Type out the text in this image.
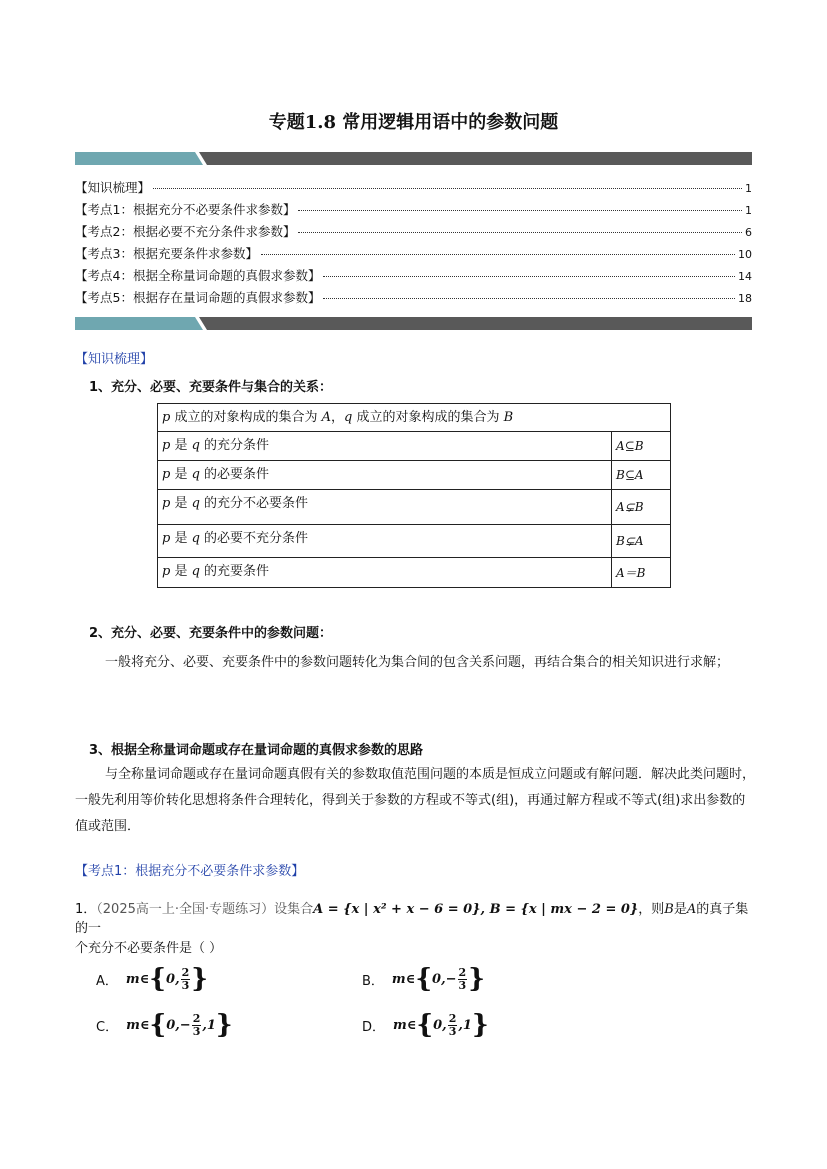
专题1.8 常用逻辑用语中的参数问题
【知识梳理】	1
【考点1：根据充分不必要条件求参数】	1
【考点2：根据必要不充分条件求参数】	6
【考点3：根据充要条件求参数】	10
【考点4：根据全称量词命题的真假求参数】	14
【考点5：根据存在量词命题的真假求参数】	18
【知识梳理】
1、充分、必要、充要条件与集合的关系：
p 成立的对象构成的集合为 A，q 成立的对象构成的集合为 B	
p 是 q 的充分条件	A⊆B
p 是 q 的必要条件	B⊆A
p 是 q 的充分不必要条件	A⊊B
p 是 q 的必要不充分条件	B⊊A
p 是 q 的充要条件	A＝B
2、充分、必要、充要条件中的参数问题：
一般将充分、必要、充要条件中的参数问题转化为集合间的包含关系问题，再结合集合的相关知识进行求解；
3、根据全称量词命题或存在量词命题的真假求参数的思路
与全称量词命题或存在量词命题真假有关的参数取值范围问题的本质是恒成立问题或有解问题．解决此类问题时，一般先利用等价转化思想将条件合理转化，得到关于参数的方程或不等式(组)，再通过解方程或不等式(组)求出参数的值或范围．
【考点1：根据充分不必要条件求参数】
1．（2025高一上·全国·专题练习）设集合A = {x | x² + x − 6 = 0}, B = {x | mx − 2 = 0}，则B是A的真子集的一
个充分不必要条件是（ ）
A． m∈ { 0, $\frac{2}{3}$ }	B． m∈ { 0, − $\frac{2}{3}$ }
C． m∈ { 0, − $\frac{2}{3} ,1$ }	D． m∈ { 0, $\frac{2}{3} ,1$ }
